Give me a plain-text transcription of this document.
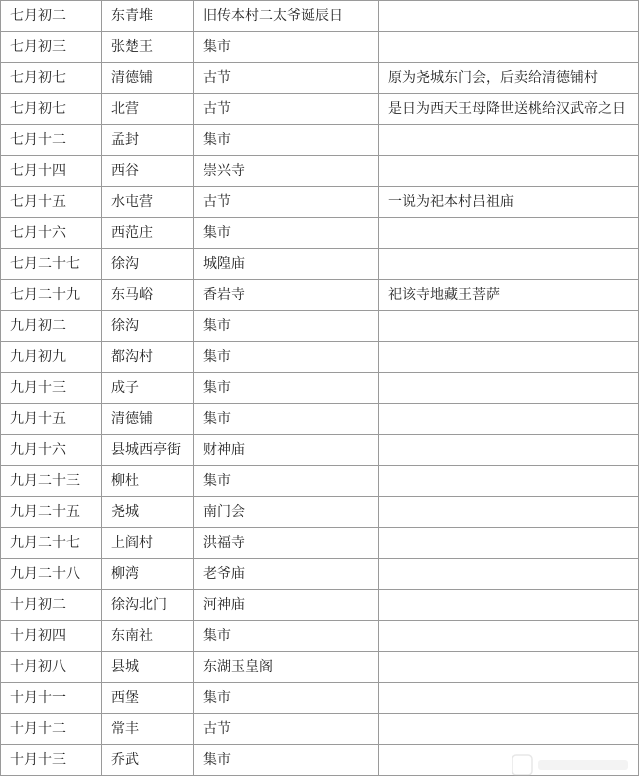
七月初二	东青堆	旧传本村二太爷诞辰日	
七月初三	张楚王	集市	
七月初七	清德铺	古节	原为尧城东门会，后卖给清德铺村
七月初七	北营	古节	是日为西天王母降世送桃给汉武帝之日
七月十二	孟封	集市	
七月十四	西谷	崇兴寺	
七月十五	水屯营	古节	一说为祀本村吕祖庙
七月十六	西范庄	集市	
七月二十七	徐沟	城隍庙	
七月二十九	东马峪	香岩寺	祀该寺地藏王菩萨
九月初二	徐沟	集市	
九月初九	都沟村	集市	
九月十三	成子	集市	
九月十五	清德铺	集市	
九月十六	县城西亭街	财神庙	
九月二十三	柳杜	集市	
九月二十五	尧城	南门会	
九月二十七	上阎村	洪福寺	
九月二十八	柳湾	老爷庙	
十月初二	徐沟北门	河神庙	
十月初四	东南社	集市	
十月初八	县城	东湖玉皇阁	
十月十一	西堡	集市	
十月十二	常丰	古节	
十月十三	乔武	集市	
